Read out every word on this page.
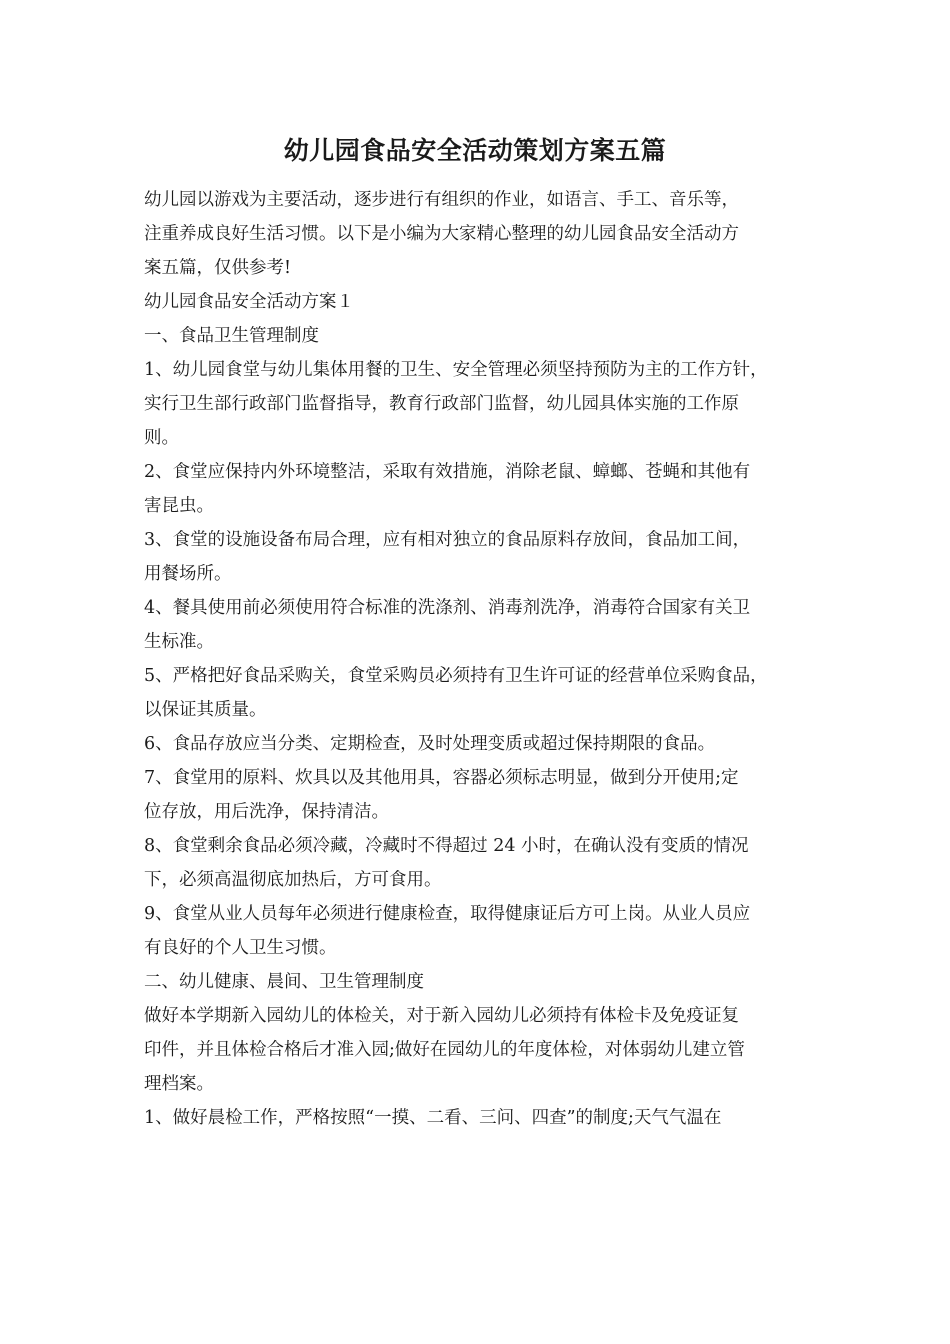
幼儿园食品安全活动策划方案五篇

幼儿园以游戏为主要活动，逐步进行有组织的作业，如语言、手工、音乐等，

注重养成良好生活习惯。以下是小编为大家精心整理的幼儿园食品安全活动方

案五篇，仅供参考!

幼儿园食品安全活动方案１

一、食品卫生管理制度

1、幼儿园食堂与幼儿集体用餐的卫生、安全管理必须坚持预防为主的工作方针，

实行卫生部行政部门监督指导，教育行政部门监督，幼儿园具体实施的工作原

则。

2、食堂应保持内外环境整洁，采取有效措施，消除老鼠、蟑螂、苍蝇和其他有

害昆虫。

3、食堂的设施设备布局合理，应有相对独立的食品原料存放间，食品加工间，

用餐场所。

4、餐具使用前必须使用符合标准的洗涤剂、消毒剂洗净，消毒符合国家有关卫

生标准。

5、严格把好食品采购关，食堂采购员必须持有卫生许可证的经营单位采购食品，

以保证其质量。

6、食品存放应当分类、定期检查，及时处理变质或超过保持期限的食品。

7、食堂用的原料、炊具以及其他用具，容器必须标志明显，做到分开使用;定

位存放，用后洗净，保持清洁。

8、食堂剩余食品必须冷藏，冷藏时不得超过 24 小时，在确认没有变质的情况

下，必须高温彻底加热后，方可食用。

9、食堂从业人员每年必须进行健康检查，取得健康证后方可上岗。从业人员应

有良好的个人卫生习惯。

二、幼儿健康、晨间、卫生管理制度

做好本学期新入园幼儿的体检关，对于新入园幼儿必须持有体检卡及免疫证复

印件，并且体检合格后才准入园;做好在园幼儿的年度体检，对体弱幼儿建立管

理档案。

1、做好晨检工作，严格按照“一摸、二看、三问、四查”的制度;天气气温在
